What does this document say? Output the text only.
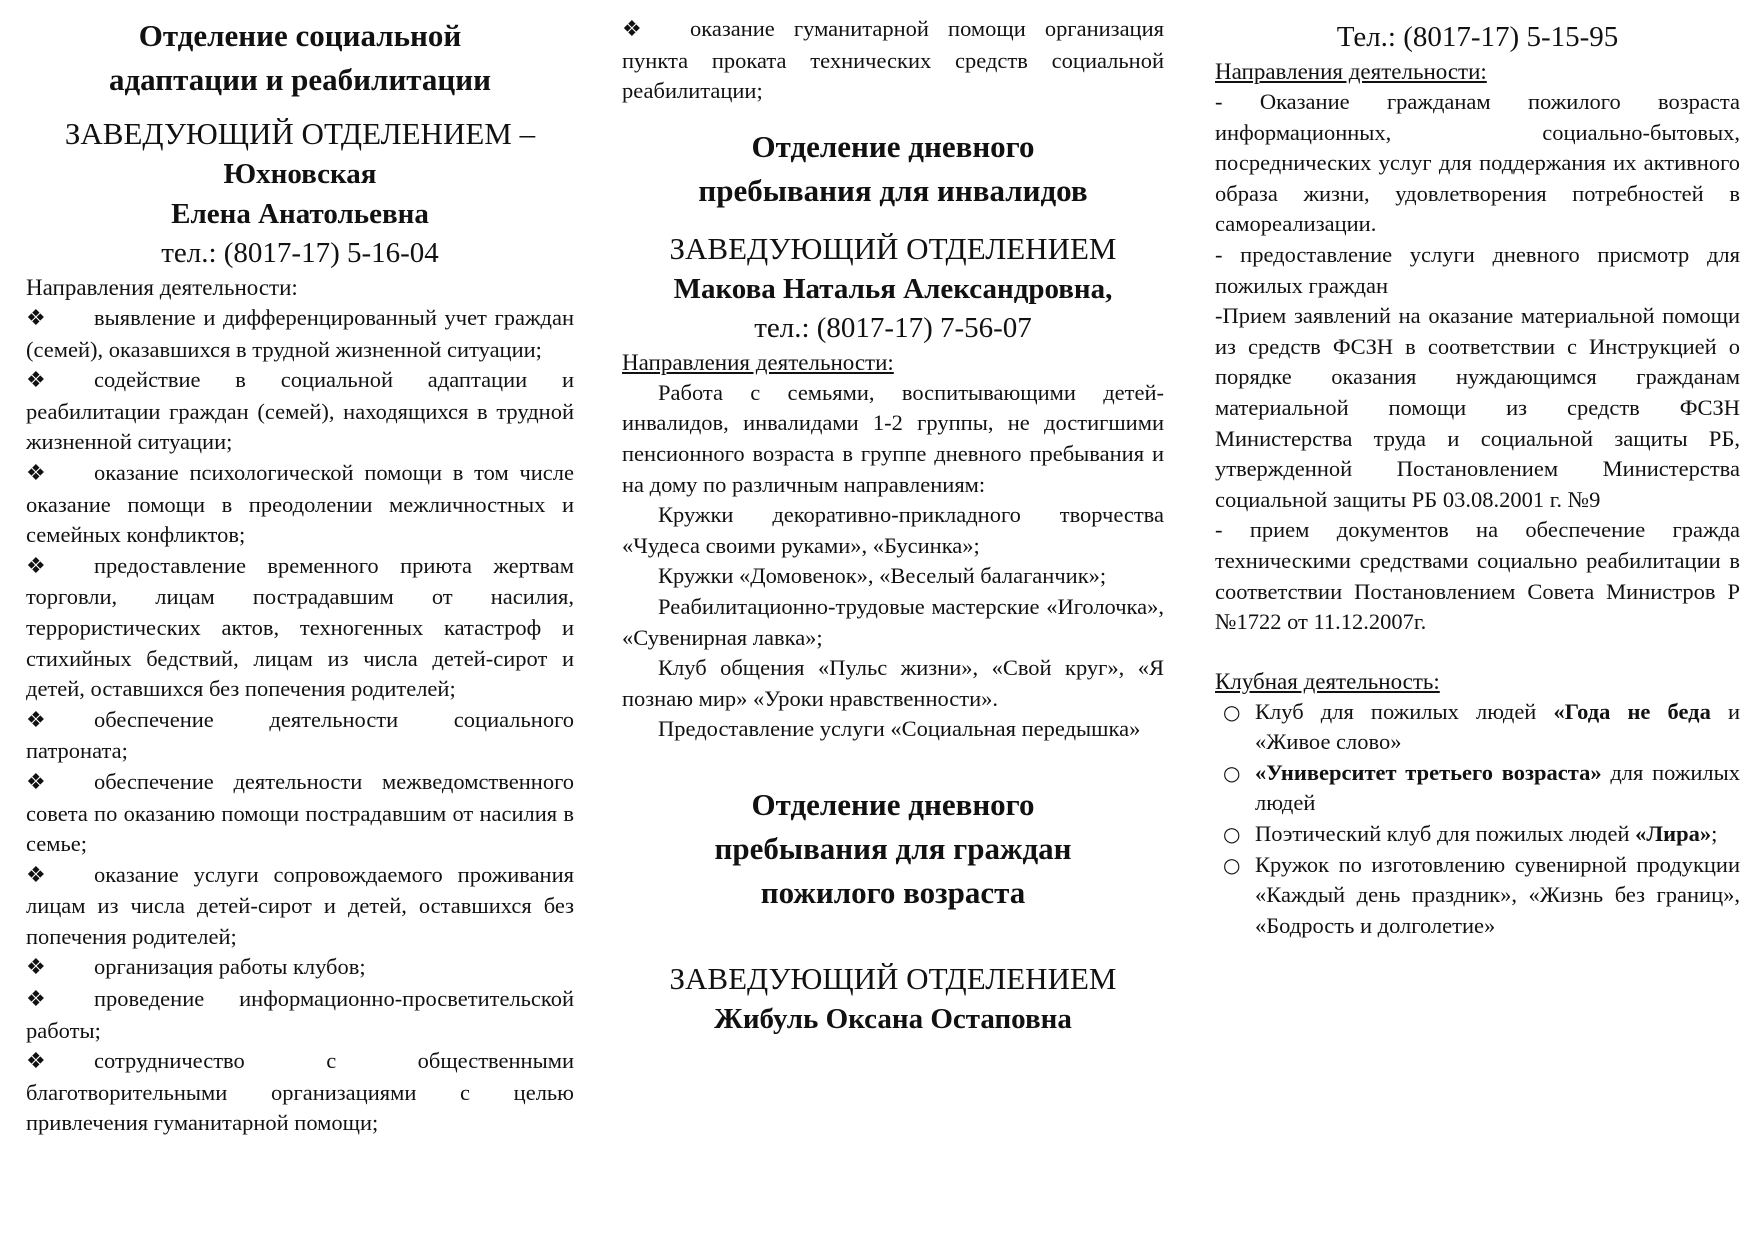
Отделение социальной

адаптации и реабилитации

ЗАВЕДУЮЩИЙ ОТДЕЛЕНИЕМ –

Юхновская

Елена Анатольевна

тел.: (8017-17) 5-16-04

Направления деятельности:

❖ выявление и дифференцированный учет граждан (семей), оказавшихся в трудной жизненной ситуации;
❖ содействие в социальной адаптации и реабилитации граждан (семей), находящихся в трудной жизненной ситуации;
❖ оказание психологической помощи в том числе оказание помощи в преодолении межличностных и семейных конфликтов;
❖ предоставление временного приюта жертвам торговли, лицам пострадавшим от насилия, террористических актов, техногенных катастроф и стихийных бедствий, лицам из числа детей-сирот и детей, оставшихся без попечения родителей;
❖ обеспечение деятельности социального патроната;
❖ обеспечение деятельности межведомственного совета по оказанию помощи пострадавшим от насилия в семье;
❖ оказание услуги сопровождаемого проживания лицам из числа детей-сирот и детей, оставшихся без попечения родителей;
❖ организация работы клубов;
❖ проведение информационно-просветительской работы;
❖ сотрудничество с общественными благотворительными организациями с целью привлечения гуманитарной помощи;
❖ оказание гуманитарной помощи организация пункта проката технических средств социальной реабилитации;

Отделение дневного

пребывания для инвалидов

ЗАВЕДУЮЩИЙ ОТДЕЛЕНИЕМ

Макова Наталья Александровна,

тел.: (8017-17) 7-56-07

Направления деятельности:

Работа с семьями, воспитывающими детей-инвалидов, инвалидами 1-2 группы, не достигшими пенсионного возраста в группе дневного пребывания и на дому по различным направлениям:

Кружки декоративно-прикладного творчества «Чудеса своими руками», «Бусинка»;

Кружки «Домовенок», «Веселый балаганчик»;

Реабилитационно-трудовые мастерские «Иголочка», «Сувенирная лавка»;

Клуб общения «Пульс жизни», «Свой круг», «Я познаю мир» «Уроки нравственности».

Предоставление услуги «Социальная передышка»

Отделение дневного

пребывания для граждан

пожилого возраста

ЗАВЕДУЮЩИЙ ОТДЕЛЕНИЕМ

Жибуль Оксана Остаповна

Тел.: (8017-17) 5-15-95

Направления деятельности:

- Оказание гражданам пожилого возраста информационных, социально-бытовых, посреднических услуг для поддержания их активного образа жизни, удовлетворения потребностей в самореализации.

- предоставление услуги дневного присмотр для пожилых граждан

-Прием заявлений на оказание материальной помощи из средств ФСЗН в соответствии с Инструкцией о порядке оказания нуждающимся гражданам материальной помощи из средств ФСЗН Министерства труда и социальной защиты РБ, утвержденной Постановлением Министерства социальной защиты РБ 03.08.2001 г. №9

- прием документов на обеспечение гражда техническими средствами социально реабилитации в соответствии Постановлением Совета Министров Р №1722 от 11.12.2007г.

Клубная деятельность:

○ Клуб для пожилых людей «Года не беда и «Живое слово»
○ «Университет третьего возраста» для пожилых людей
○ Поэтический клуб для пожилых людей «Лира»;
○ Кружок по изготовлению сувенирной продукции «Каждый день праздник», «Жизнь без границ», «Бодрость и долголетие»
